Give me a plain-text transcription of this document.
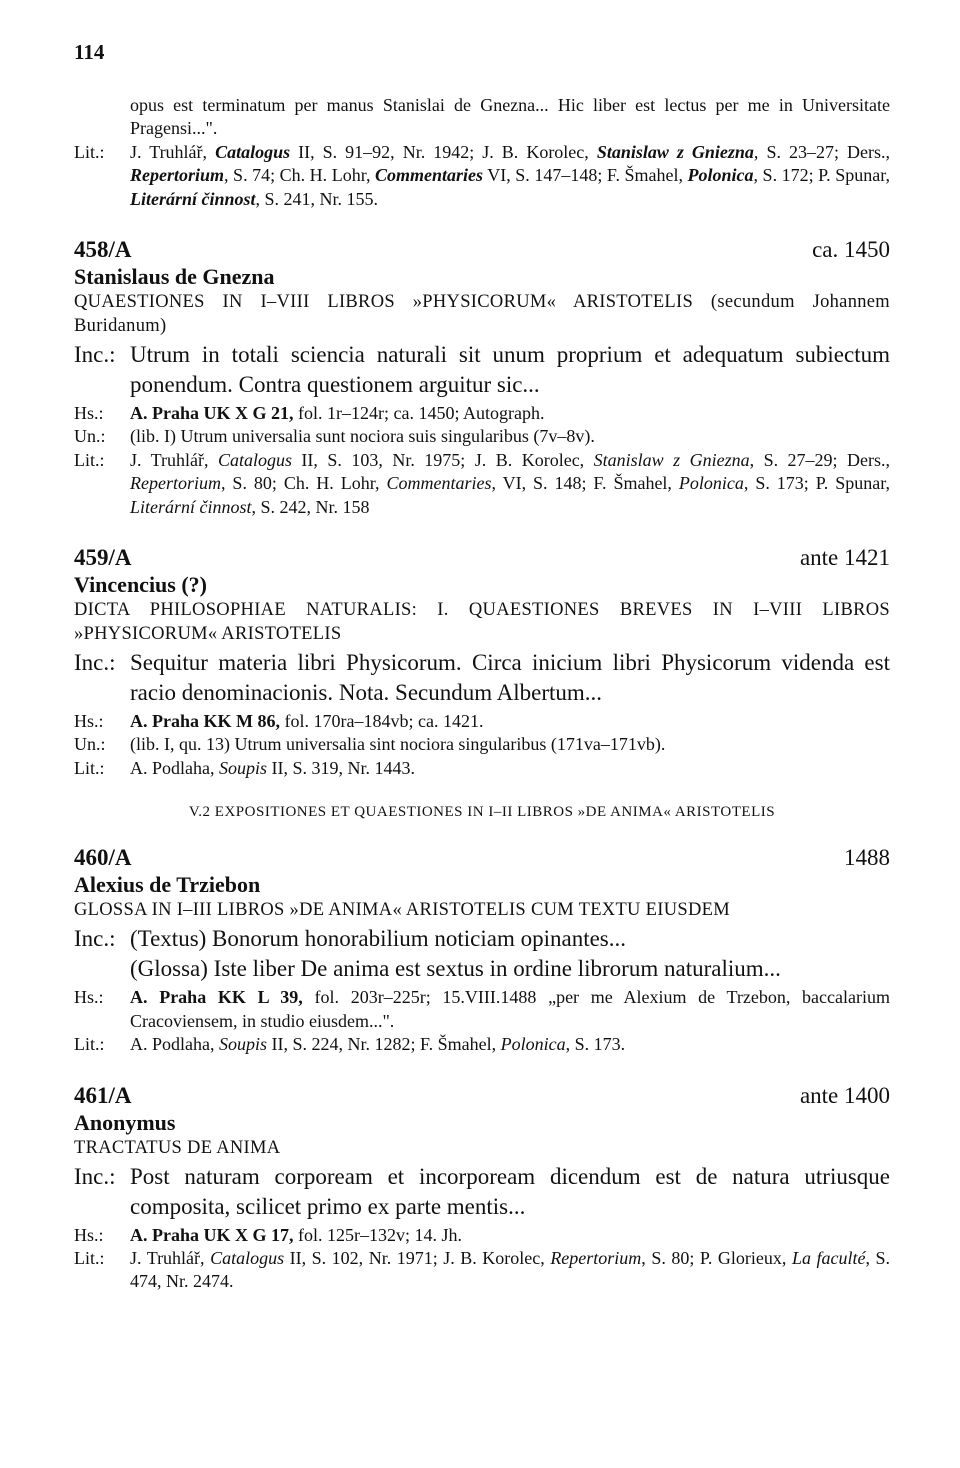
114
opus est terminatum per manus Stanislai de Gnezna... Hic liber est lectus per me in Universitate Pragensi...".
Lit.:	J. Truhlář, Catalogus II, S. 91–92, Nr. 1942; J. B. Korolec, Stanislaw z Gniezna, S. 23–27; Ders., Repertorium, S. 74; Ch. H. Lohr, Commentaries VI, S. 147–148; F. Šmahel, Polonica, S. 172; P. Spunar, Literární činnost, S. 241, Nr. 155.
458/A	ca. 1450
Stanislaus de Gnezna
QUAESTIONES IN I–VIII LIBROS »PHYSICORUM« ARISTOTELIS (secundum Johannem Buridanum)
Inc.: Utrum in totali sciencia naturali sit unum proprium et adequatum subiectum ponendum. Contra questionem arguitur sic...
Hs.:	A. Praha UK X G 21, fol. 1r–124r; ca. 1450; Autograph.
Un.:	(lib. I) Utrum universalia sunt nociora suis singularibus (7v–8v).
Lit.:	J. Truhlář, Catalogus II, S. 103, Nr. 1975; J. B. Korolec, Stanislaw z Gniezna, S. 27–29; Ders., Repertorium, S. 80; Ch. H. Lohr, Commentaries, VI, S. 148; F. Šmahel, Polonica, S. 173; P. Spunar, Literární činnost, S. 242, Nr. 158
459/A	ante 1421
Vincencius (?)
DICTA PHILOSOPHIAE NATURALIS: I. QUAESTIONES BREVES IN I–VIII LIBROS »PHYSICORUM« ARISTOTELIS
Inc.: Sequitur materia libri Physicorum. Circa inicium libri Physicorum videnda est racio denominacionis. Nota. Secundum Albertum...
Hs.:	A. Praha KK M 86, fol. 170ra–184vb; ca. 1421.
Un.:	(lib. I, qu. 13) Utrum universalia sint nociora singularibus (171va–171vb).
Lit.:	A. Podlaha, Soupis II, S. 319, Nr. 1443.
V.2 EXPOSITIONES ET QUAESTIONES IN I–II LIBROS »DE ANIMA« ARISTOTELIS
460/A	1488
Alexius de Trziebon
GLOSSA IN I–III LIBROS »DE ANIMA« ARISTOTELIS CUM TEXTU EIUSDEM
Inc.: (Textus) Bonorum honorabilium noticiam opinantes...
(Glossa) Iste liber De anima est sextus in ordine librorum naturalium...
Hs.:	A. Praha KK L 39, fol. 203r–225r; 15.VIII.1488 „per me Alexium de Trzebon, baccalarium Cracoviensem, in studio eiusdem...".
Lit.:	A. Podlaha, Soupis II, S. 224, Nr. 1282; F. Šmahel, Polonica, S. 173.
461/A	ante 1400
Anonymus
TRACTATUS DE ANIMA
Inc.: Post naturam corpoream et incorpoream dicendum est de natura utriusque composita, scilicet primo ex parte mentis...
Hs.:	A. Praha UK X G 17, fol. 125r–132v; 14. Jh.
Lit.:	J. Truhlář, Catalogus II, S. 102, Nr. 1971; J. B. Korolec, Repertorium, S. 80; P. Glorieux, La faculté, S. 474, Nr. 2474.
